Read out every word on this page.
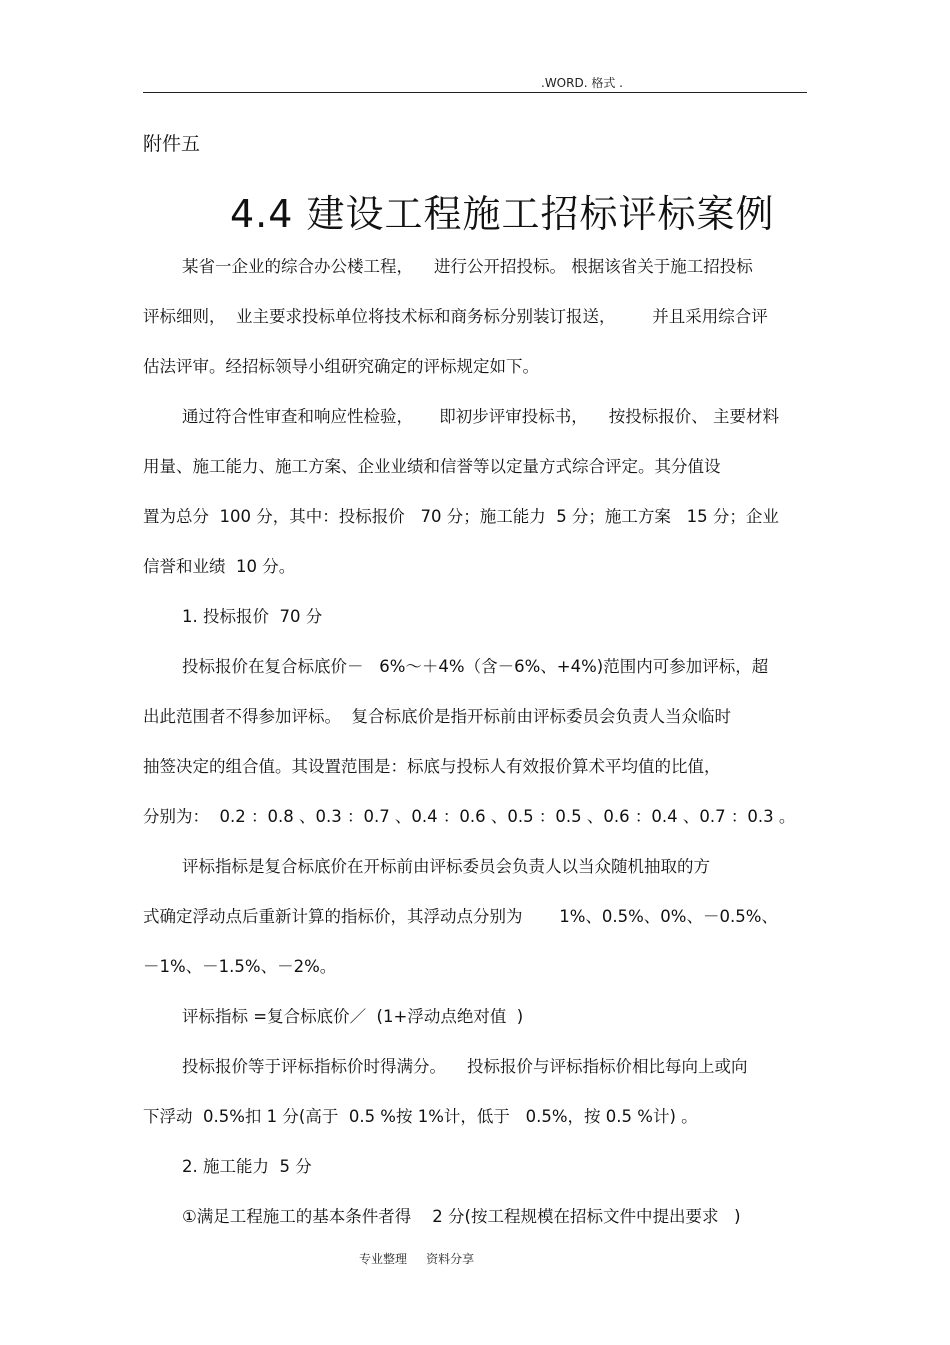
.WORD. 格式 .
附件五
4.4 建设工程施工招标评标案例
某省一企业的综合办公楼工程，    进行公开招投标。 根据该省关于施工招投标
评标细则，  业主要求投标单位将技术标和商务标分别装订报送，       并且采用综合评
估法评审。经招标领导小组研究确定的评标规定如下。
通过符合性审查和响应性检验，     即初步评审投标书，    按投标报价、 主要材料
用量、施工能力、施工方案、企业业绩和信誉等以定量方式综合评定。其分值设
置为总分  100 分，其中：投标报价   70 分；施工能力  5 分；施工方案   15 分；企业
信誉和业绩  10 分。
1. 投标报价  70 分
投标报价在复合标底价－   6%～＋4%（含－6%、+4%)范围内可参加评标，超
出此范围者不得参加评标。  复合标底价是指开标前由评标委员会负责人当众临时
抽签决定的组合值。其设置范围是：标底与投标人有效报价算术平均值的比值，
分别为：  0.2 ：0.8 、0.3 ：0.7 、0.4 ：0.6 、0.5 ：0.5 、0.6 ：0.4 、0.7 ：0.3 。
评标指标是复合标底价在开标前由评标委员会负责人以当众随机抽取的方
式确定浮动点后重新计算的指标价，其浮动点分别为       1%、0.5%、0%、－0.5%、
－1%、－1.5%、－2%。
评标指标 =复合标底价／  (1+浮动点绝对值  )
投标报价等于评标指标价时得满分。    投标报价与评标指标价相比每向上或向
下浮动  0.5%扣 1 分(高于  0.5 %按 1%计，低于   0.5%，按 0.5 %计) 。
2. 施工能力  5 分
①满足工程施工的基本条件者得    2 分(按工程规模在招标文件中提出要求   )
专业整理     资料分享
